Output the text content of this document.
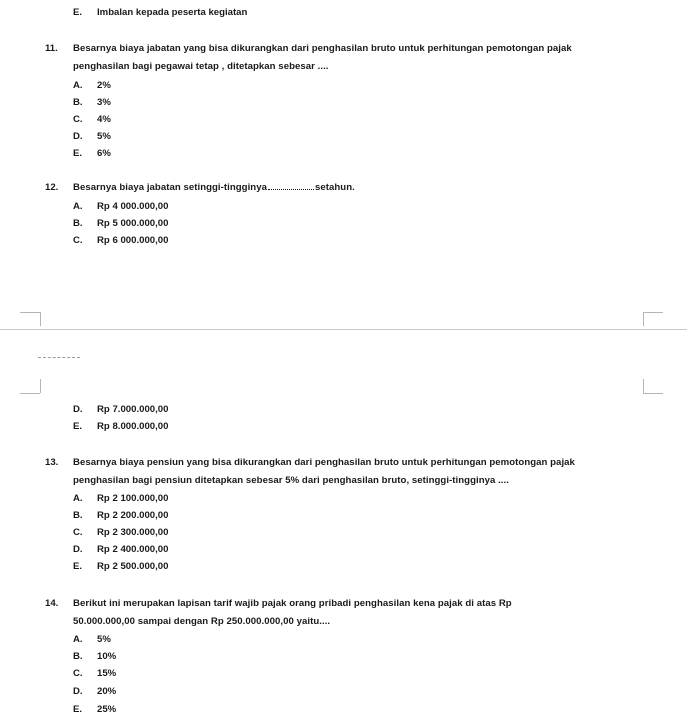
E. Imbalan kepada peserta kegiatan
11. Besarnya biaya jabatan yang bisa dikurangkan dari penghasilan bruto untuk perhitungan pemotongan pajak
penghasilan bagi pegawai tetap , ditetapkan sebesar ....
A. 2%
B. 3%
C. 4%
D. 5%
E. 6%
12. Besarnya biaya jabatan setinggi-tingginya	setahun.
A. Rp 4 000.000,00
B. Rp 5 000.000,00
C. Rp 6 000.000,00
D. Rp 7.000.000,00
E. Rp 8.000.000,00
13. Besarnya biaya pensiun yang bisa dikurangkan dari penghasilan bruto untuk perhitungan pemotongan pajak
penghasilan bagi pensiun ditetapkan sebesar 5% dari penghasilan bruto, setinggi-tingginya ....
A. Rp 2 100.000,00
B. Rp 2 200.000,00
C. Rp 2 300.000,00
D. Rp 2 400.000,00
E. Rp 2 500.000,00
14. Berikut ini merupakan lapisan tarif wajib pajak orang pribadi penghasilan kena pajak di atas Rp
50.000.000,00 sampai dengan Rp 250.000.000,00 yaitu....
A. 5%
B. 10%
C. 15%
D. 20%
E. 25%
